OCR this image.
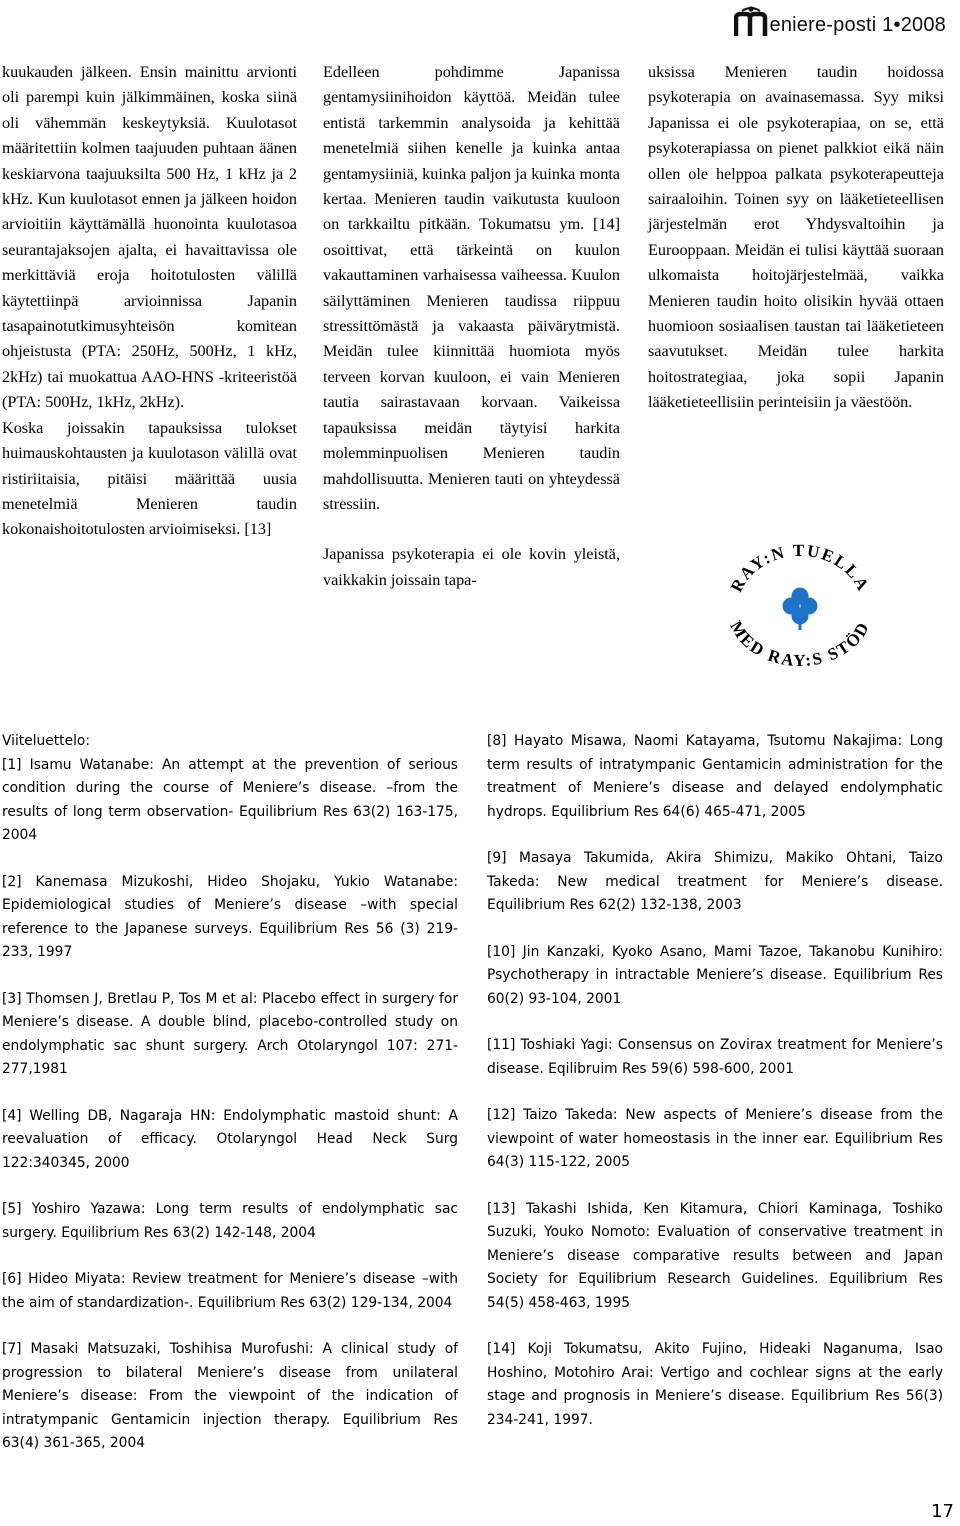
eniere-posti 1•2008

kuukauden jälkeen. Ensin mainittu arvionti oli parempi kuin jälkimmäinen, koska siinä oli vähemmän keskeytyksiä. Kuulotasot määritettiin kolmen taajuuden puhtaan äänen keskiarvona taajuuksilta 500 Hz, 1 kHz ja 2 kHz. Kun kuulotasot ennen ja jälkeen hoidon arvioitiin käyttämällä huonointa kuulotasoa seurantajaksojen ajalta, ei havaittavissa ole merkittäviä eroja hoitotulosten välillä käytettiinpä arvioinnissa Japanin tasapainotutkimusyhteisön komitean ohjeistusta (PTA: 250Hz, 500Hz, 1 kHz, 2kHz) tai muokattua AAO-HNS -kriteeristöä (PTA: 500Hz, 1kHz, 2kHz).

Koska joissakin tapauksissa tulokset huimauskohtausten ja kuulotason välillä ovat ristiriitaisia, pitäisi määrittää uusia menetelmiä Menieren taudin kokonaishoitotulosten arvioimiseksi. [13]

Edelleen pohdimme Japanissa gentamysiinihoidon käyttöä. Meidän tulee entistä tarkemmin analysoida ja kehittää menetelmiä siihen kenelle ja kuinka antaa gentamysiiniä, kuinka paljon ja kuinka monta kertaa. Menieren taudin vaikutusta kuuloon on tarkkailtu pitkään. Tokumatsu ym. [14] osoittivat, että tärkeintä on kuulon vakauttaminen varhaisessa vaiheessa. Kuulon säilyttäminen Menieren taudissa riippuu stressittömästä ja vakaasta päivärytmistä. Meidän tulee kiinnittää huomiota myös terveen korvan kuuloon, ei vain Menieren tautia sairastavaan korvaan. Vaikeissa tapauksissa meidän täytyisi harkita molemminpuolisen Menieren taudin mahdollisuutta. Menieren tauti on yhteydessä stressiin.

Japanissa psykoterapia ei ole kovin yleistä, vaikkakin joissain tapa-

uksissa Menieren taudin hoidossa psykoterapia on avainasemassa. Syy miksi Japanissa ei ole psykoterapiaa, on se, että psykoterapiassa on pienet palkkiot eikä näin ollen ole helppoa palkata psykoterapeutteja sairaaloihin. Toinen syy on lääketieteellisen järjestelmän erot Yhdysvaltoihin ja Eurooppaan. Meidän ei tulisi käyttää suoraan ulkomaista hoitojärjestelmää, vaikka Menieren taudin hoito olisikin hyvää ottaen huomioon sosiaalisen taustan tai lääketieteen saavutukset. Meidän tulee harkita hoitostrategiaa, joka sopii Japanin lääketieteellisiin perinteisiin ja väestöön.

RAY:N TUELLA
MED RAY:S STÖD
Viiteluettelo:

[1] Isamu Watanabe: An attempt at the prevention of serious condition during the course of Meniere’s disease. –from the results of long term observation- Equilibrium Res 63(2) 163-175, 2004

[2] Kanemasa Mizukoshi, Hideo Shojaku, Yukio Watanabe: Epidemiological studies of Meniere’s disease –with special reference to the Japanese surveys. Equilibrium Res 56 (3) 219-233, 1997

[3] Thomsen J, Bretlau P, Tos M et al: Placebo effect in surgery for Meniere’s disease. A double blind, placebo-controlled study on endolymphatic sac shunt surgery. Arch Otolaryngol 107: 271-277,1981

[4] Welling DB, Nagaraja HN: Endolymphatic mastoid shunt: A reevaluation of efficacy. Otolaryngol Head Neck Surg 122:340345, 2000

[5] Yoshiro Yazawa: Long term results of endolymphatic sac surgery. Equilibrium Res 63(2) 142-148, 2004

[6] Hideo Miyata: Review treatment for Meniere’s disease –with the aim of standardization-. Equilibrium Res 63(2) 129-134, 2004

[7] Masaki Matsuzaki, Toshihisa Murofushi: A clinical study of progression to bilateral Meniere’s disease from unilateral Meniere’s disease: From the viewpoint of the indication of intratympanic Gentamicin injection therapy. Equilibrium Res 63(4) 361-365, 2004

[8] Hayato Misawa, Naomi Katayama, Tsutomu Nakajima: Long term results of intratympanic Gentamicin administration for the treatment of Meniere’s disease and delayed endolymphatic hydrops. Equilibrium Res 64(6) 465-471, 2005

[9] Masaya Takumida, Akira Shimizu, Makiko Ohtani, Taizo Takeda: New medical treatment for Meniere’s disease. Equilibrium Res 62(2) 132-138, 2003

[10] Jin Kanzaki, Kyoko Asano, Mami Tazoe, Takanobu Kunihiro: Psychotherapy in intractable Meniere’s disease. Equilibrium Res 60(2) 93-104, 2001

[11] Toshiaki Yagi: Consensus on Zovirax treatment for Meniere’s disease. Eqilibruim Res 59(6) 598-600, 2001

[12] Taizo Takeda: New aspects of Meniere’s disease from the viewpoint of water homeostasis in the inner ear. Equilibrium Res 64(3) 115-122, 2005

[13] Takashi Ishida, Ken Kitamura, Chiori Kaminaga, Toshiko Suzuki, Youko Nomoto: Evaluation of conservative treatment in Meniere’s disease comparative results between and Japan Society for Equilibrium Research Guidelines. Equilibrium Res 54(5) 458-463, 1995

[14] Koji Tokumatsu, Akito Fujino, Hideaki Naganuma, Isao Hoshino, Motohiro Arai: Vertigo and cochlear signs at the early stage and prognosis in Meniere’s disease. Equilibrium Res 56(3) 234-241, 1997.

17
